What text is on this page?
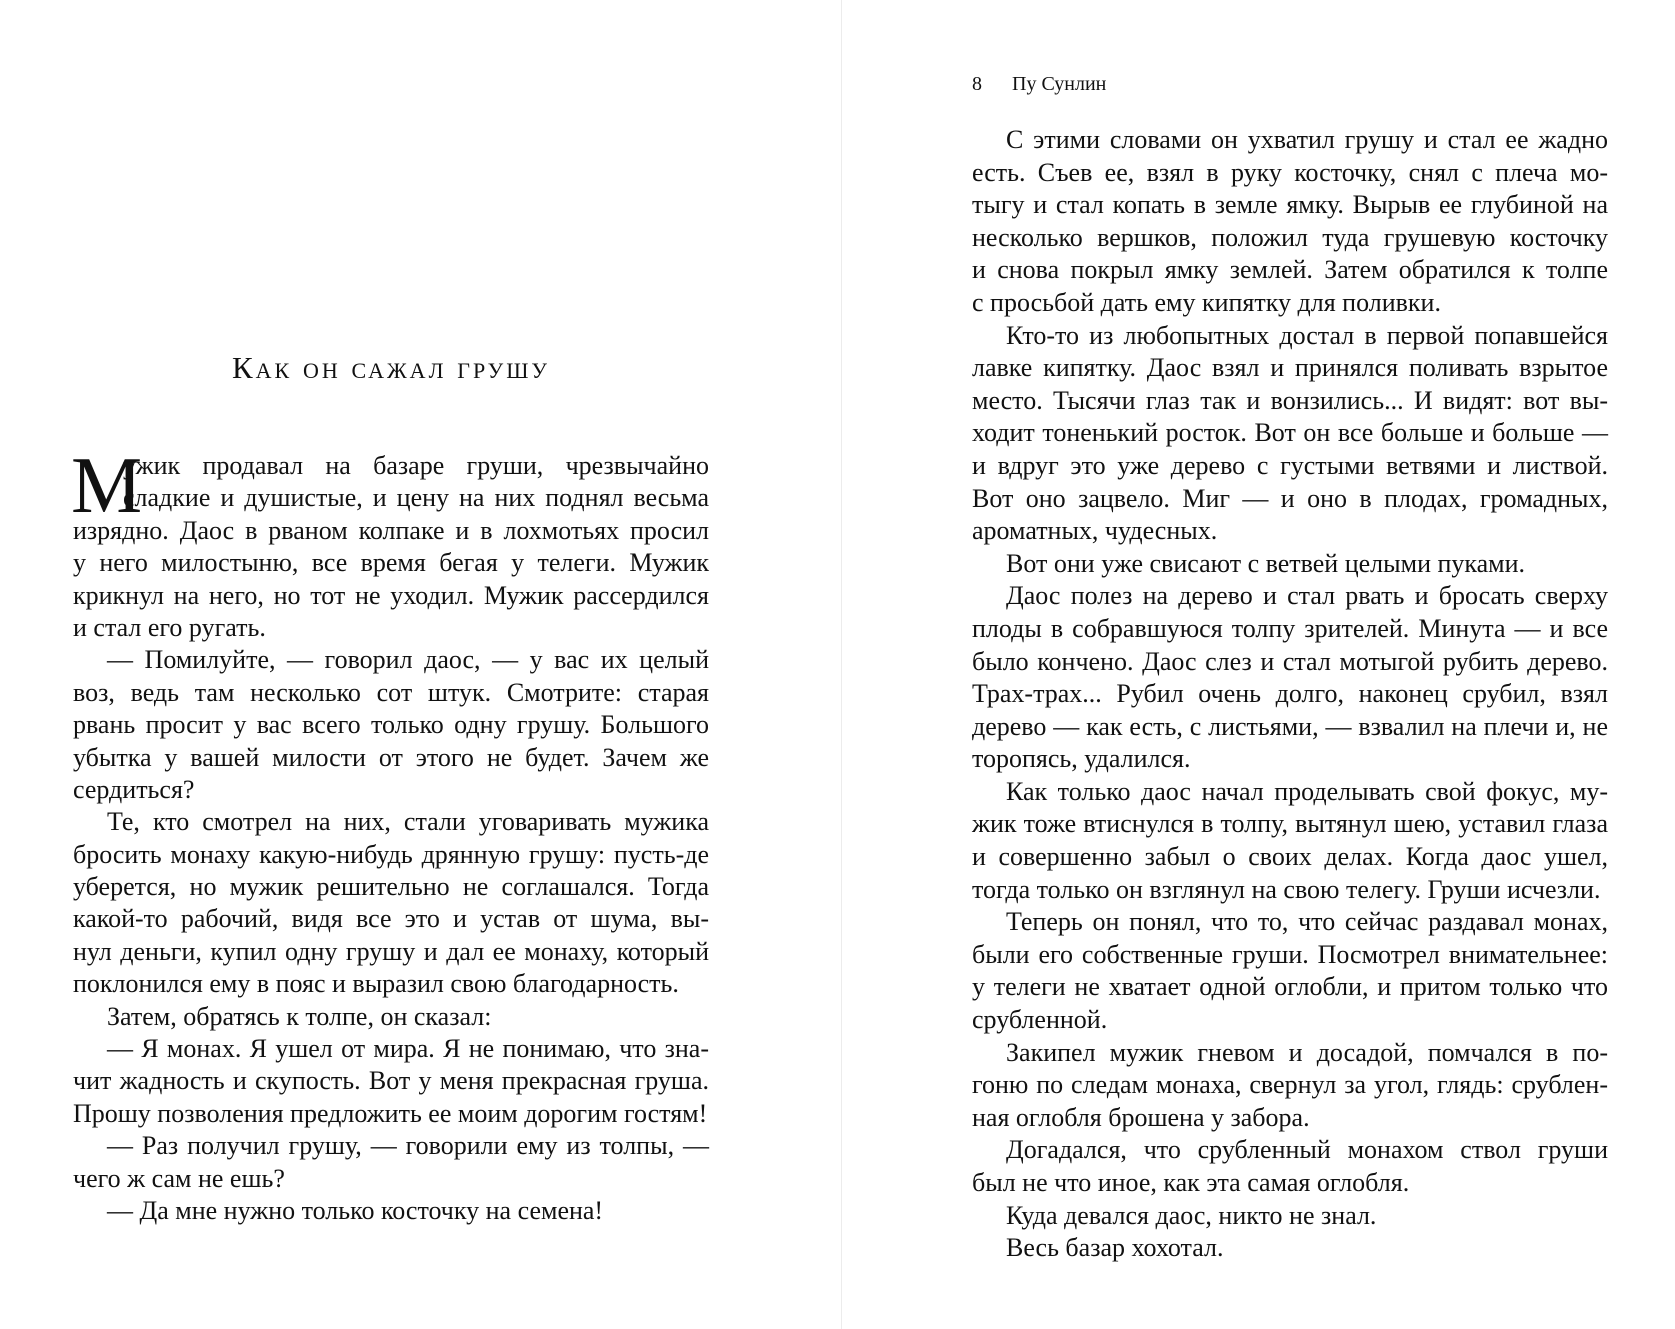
8 Пу Сунлин
Как он сажал грушу
М
ужик продавал на базаре груши, чрезвычайно
сладкие и душистые, и цену на них поднял весьма
изрядно. Даос в рваном колпаке и в лохмотьях просил
у него милостыню, все время бегая у телеги. Мужик
крикнул на него, но тот не уходил. Мужик рассердился
и стал его ругать.
— Помилуйте, — говорил даос, — у вас их целый
воз, ведь там несколько сот штук. Смотрите: старая
рвань просит у вас всего только одну грушу. Большого
убытка у вашей милости от этого не будет. Зачем же
сердиться?
Те, кто смотрел на них, стали уговаривать мужика
бросить монаху какую-нибудь дрянную грушу: пусть-де
уберется, но мужик решительно не соглашался. Тогда
какой-то рабочий, видя все это и устав от шума, вы-
нул деньги, купил одну грушу и дал ее монаху, который
поклонился ему в пояс и выразил свою благодарность.
Затем, обратясь к толпе, он сказал:
— Я монах. Я ушел от мира. Я не понимаю, что зна-
чит жадность и скупость. Вот у меня прекрасная груша.
Прошу позволения предложить ее моим дорогим гостям!
— Раз получил грушу, — говорили ему из толпы, —
чего ж сам не ешь?
— Да мне нужно только косточку на семена!
С этими словами он ухватил грушу и стал ее жадно
есть. Съев ее, взял в руку косточку, снял с плеча мо-
тыгу и стал копать в земле ямку. Вырыв ее глубиной на
несколько вершков, положил туда грушевую косточку
и снова покрыл ямку землей. Затем обратился к толпе
с просьбой дать ему кипятку для поливки.
Кто-то из любопытных достал в первой попавшейся
лавке кипятку. Даос взял и принялся поливать взрытое
место. Тысячи глаз так и вонзились... И видят: вот вы-
ходит тоненький росток. Вот он все больше и больше —
и вдруг это уже дерево с густыми ветвями и листвой.
Вот оно зацвело. Миг — и оно в плодах, громадных,
ароматных, чудесных.
Вот они уже свисают с ветвей целыми пуками.
Даос полез на дерево и стал рвать и бросать сверху
плоды в собравшуюся толпу зрителей. Минута — и все
было кончено. Даос слез и стал мотыгой рубить дерево.
Трах-трах... Рубил очень долго, наконец срубил, взял
дерево — как есть, с листьями, — взвалил на плечи и, не
торопясь, удалился.
Как только даос начал проделывать свой фокус, му-
жик тоже втиснулся в толпу, вытянул шею, уставил глаза
и совершенно забыл о своих делах. Когда даос ушел,
тогда только он взглянул на свою телегу. Груши исчезли.
Теперь он понял, что то, что сейчас раздавал монах,
были его собственные груши. Посмотрел внимательнее:
у телеги не хватает одной оглобли, и притом только что
срубленной.
Закипел мужик гневом и досадой, помчался в по-
гоню по следам монаха, свернул за угол, глядь: срублен-
ная оглобля брошена у забора.
Догадался, что срубленный монахом ствол груши
был не что иное, как эта самая оглобля.
Куда девался даос, никто не знал.
Весь базар хохотал.
